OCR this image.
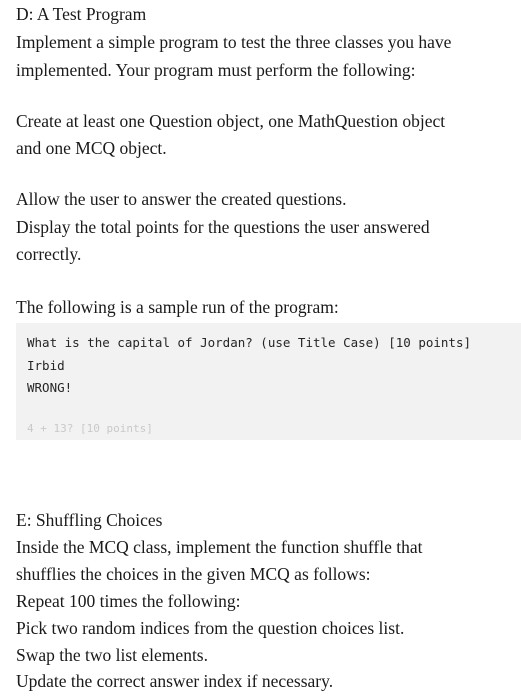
D: A Test Program
Implement a simple program to test the three classes you have
implemented. Your program must perform the following:
Create at least one Question object, one MathQuestion object
and one MCQ object.
Allow the user to answer the created questions.
Display the total points for the questions the user answered
correctly.
The following is a sample run of the program:
What is the capital of Jordan? (use Title Case) [10 points]
Irbid
WRONG!
4 + 13? [10 points]
E: Shuffling Choices
Inside the MCQ class, implement the function shuffle that
shufflies the choices in the given MCQ as follows:
Repeat 100 times the following:
Pick two random indices from the question choices list.
Swap the two list elements.
Update the correct answer index if necessary.
